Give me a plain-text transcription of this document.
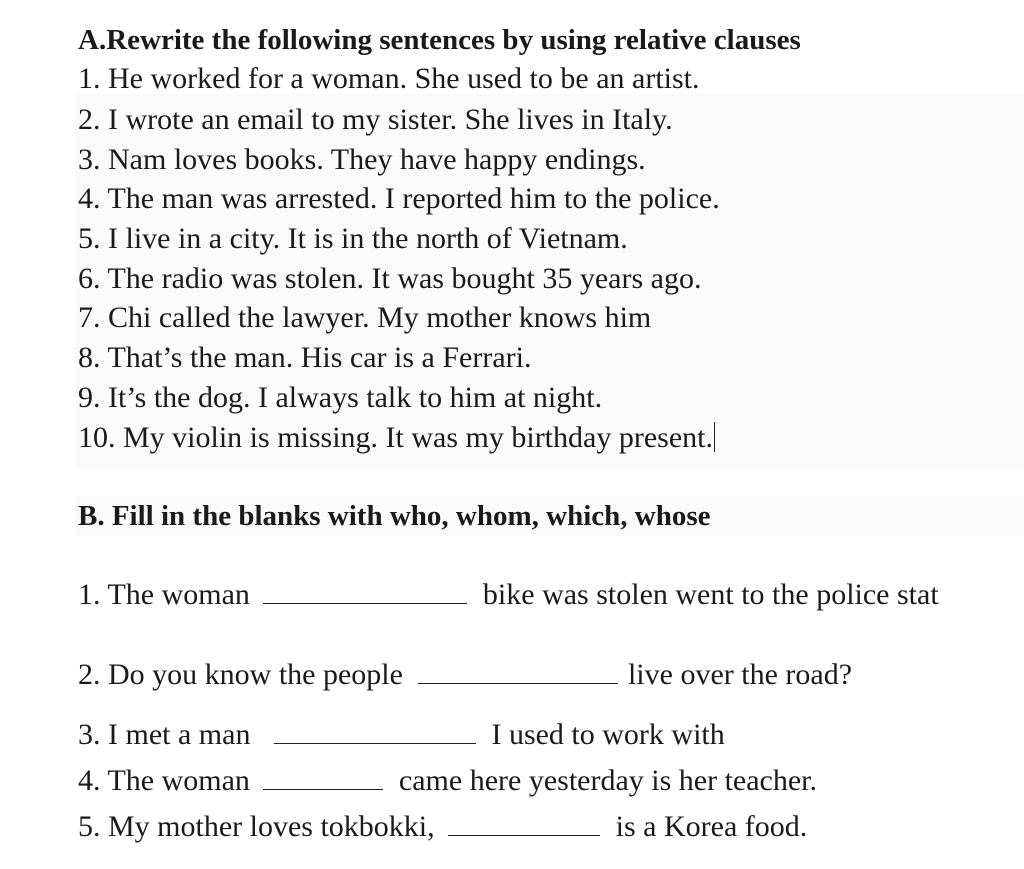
A.Rewrite the following sentences by using relative clauses
1. He worked for a woman. She used to be an artist.
2. I wrote an email to my sister. She lives in Italy.
3. Nam loves books. They have happy endings.
4. The man was arrested. I reported him to the police.
5. I live in a city. It is in the north of Vietnam.
6. The radio was stolen. It was bought 35 years ago.
7. Chi called the lawyer. My mother knows him
8. That’s the man. His car is a Ferrari.
9. It’s the dog. I always talk to him at night.
10. My violin is missing. It was my birthday present.
B. Fill in the blanks with who, whom, which, whose
1. The woman	bike was stolen went to the police stat
2. Do you know the people	live over the road?
3. I met a man	I used to work with
4. The woman	came here yesterday is her teacher.
5. My mother loves tokbokki,	is a Korea food.
